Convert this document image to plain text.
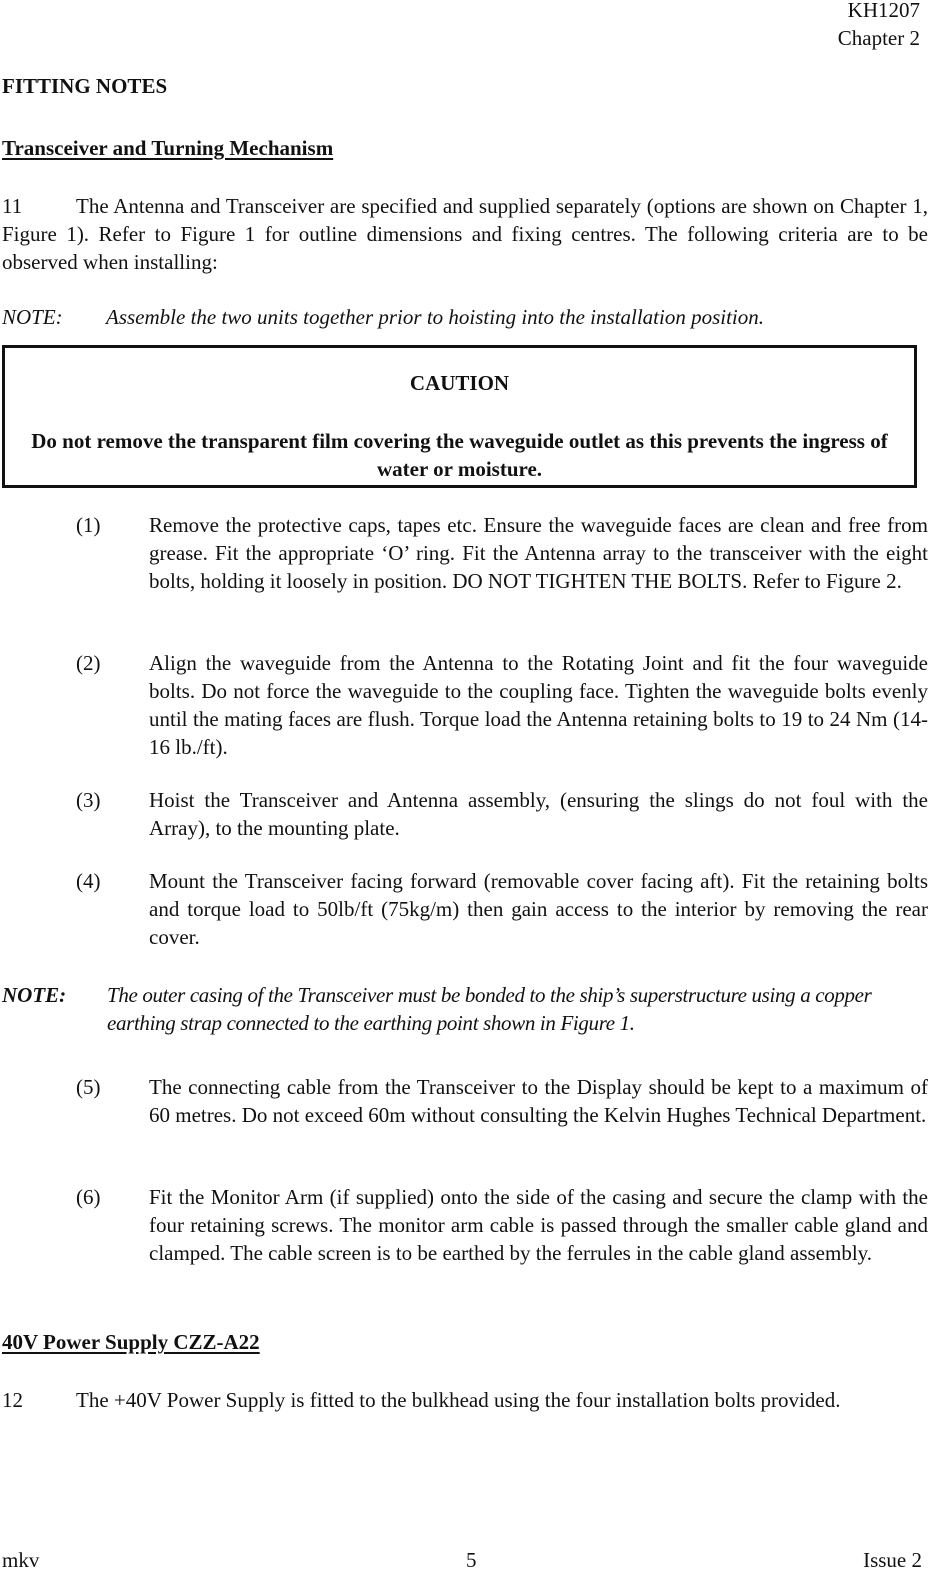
KH1207
Chapter 2
FITTING NOTES
Transceiver and Turning Mechanism
11	The Antenna and Transceiver are specified and supplied separately (options are shown on Chapter 1, Figure 1). Refer to Figure 1 for outline dimensions and fixing centres. The following criteria are to be observed when installing:
NOTE:	Assemble the two units together prior to hoisting into the installation position.
CAUTION
Do not remove the transparent film covering the waveguide outlet as this prevents the ingress of water or moisture.
(1) Remove the protective caps, tapes etc. Ensure the waveguide faces are clean and free from grease. Fit the appropriate ‘O’ ring. Fit the Antenna array to the transceiver with the eight bolts, holding it loosely in position. DO NOT TIGHTEN THE BOLTS. Refer to Figure 2.
(2) Align the waveguide from the Antenna to the Rotating Joint and fit the four waveguide bolts. Do not force the waveguide to the coupling face. Tighten the waveguide bolts evenly until the mating faces are flush. Torque load the Antenna retaining bolts to 19 to 24 Nm (14-16 lb./ft).
(3) Hoist the Transceiver and Antenna assembly, (ensuring the slings do not foul with the Array), to the mounting plate.
(4) Mount the Transceiver facing forward (removable cover facing aft). Fit the retaining bolts and torque load to 50lb/ft (75kg/m) then gain access to the interior by removing the rear cover.
NOTE:	The outer casing of the Transceiver must be bonded to the ship’s superstructure using a copper earthing strap connected to the earthing point shown in Figure 1.
(5) The connecting cable from the Transceiver to the Display should be kept to a maximum of 60 metres. Do not exceed 60m without consulting the Kelvin Hughes Technical Department.
(6) Fit the Monitor Arm (if supplied) onto the side of the casing and secure the clamp with the four retaining screws. The monitor arm cable is passed through the smaller cable gland and clamped. The cable screen is to be earthed by the ferrules in the cable gland assembly.
40V Power Supply CZZ-A22
12	The +40V Power Supply is fitted to the bulkhead using the four installation bolts provided.
mkv	5	Issue 2
